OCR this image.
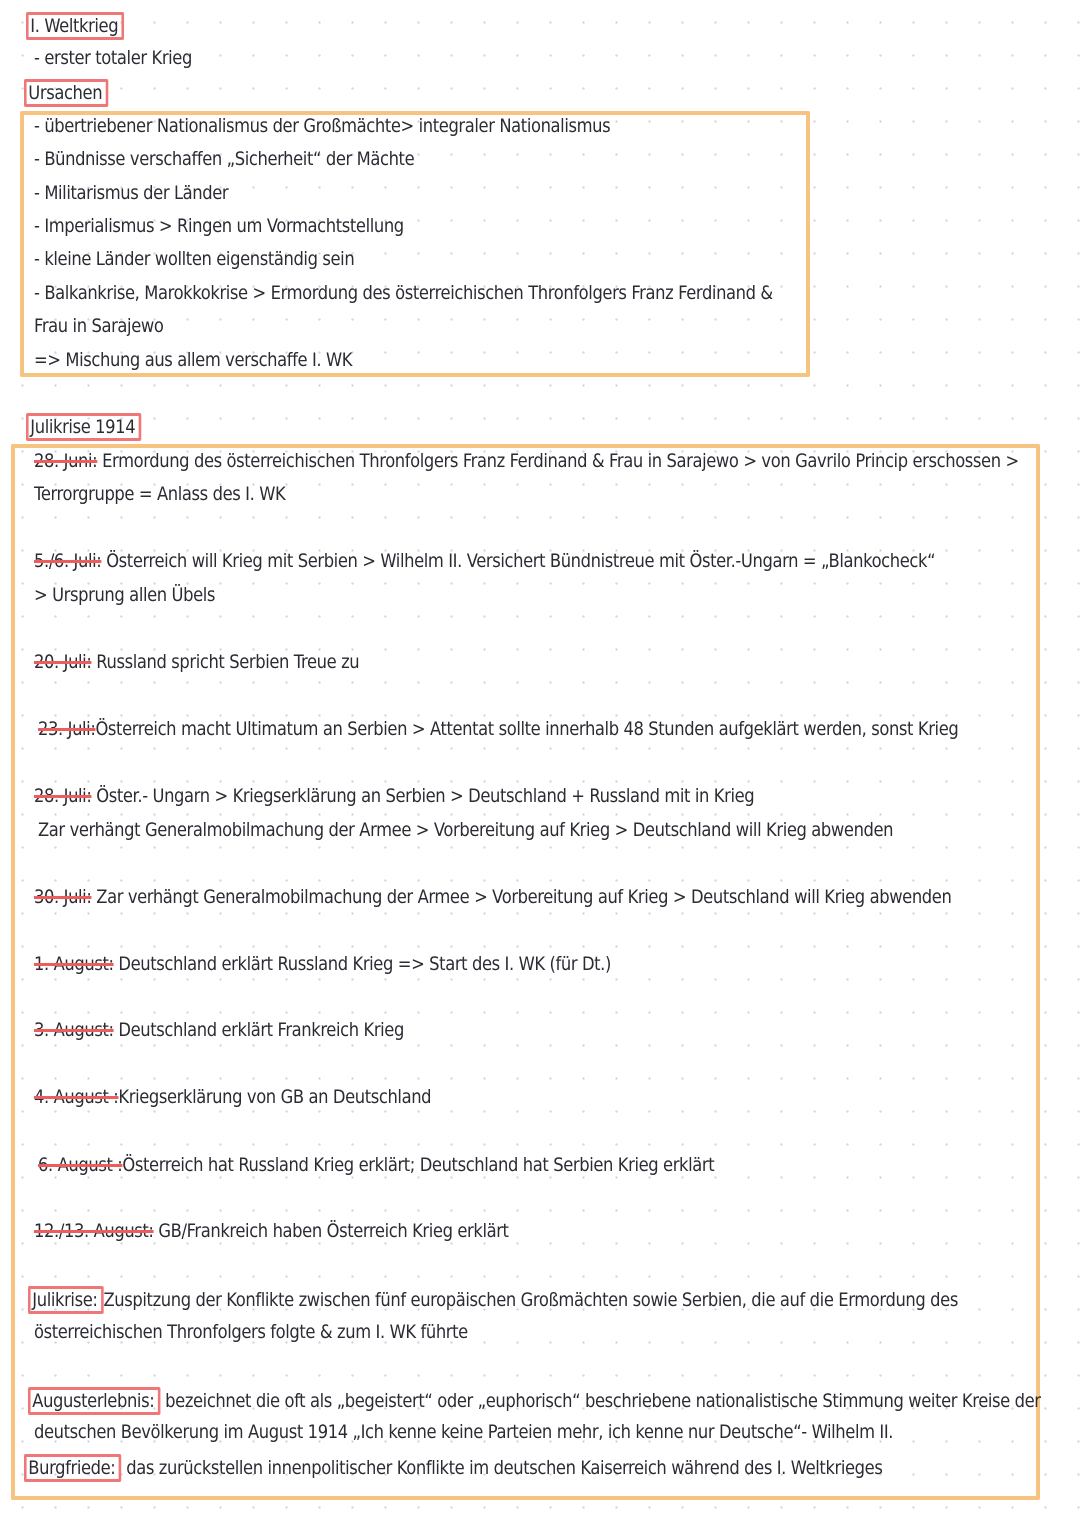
I. Weltkrieg
- erster totaler Krieg
Ursachen
- übertriebener Nationalismus der Großmächte> integraler Nationalismus
- Bündnisse verschaffen „Sicherheit“ der Mächte
- Militarismus der Länder
- Imperialismus > Ringen um Vormachtstellung
- kleine Länder wollten eigenständig sein
- Balkankrise, Marokkokrise > Ermordung des österreichischen Thronfolgers Franz Ferdinand &
Frau in Sarajewo
=> Mischung aus allem verschaffe I. WK
Julikrise 1914
28. Juni: Ermordung des österreichischen Thronfolgers Franz Ferdinand & Frau in Sarajewo > von Gavrilo Princip erschossen >
Terrorgruppe = Anlass des I. WK
5./6. Juli: Österreich will Krieg mit Serbien > Wilhelm II. Versichert Bündnistreue mit Öster.-Ungarn = „Blankocheck“
> Ursprung allen Übels
20. Juli: Russland spricht Serbien Treue zu
23. Juli:Österreich macht Ultimatum an Serbien > Attentat sollte innerhalb 48 Stunden aufgeklärt werden, sonst Krieg
28. Juli: Öster.- Ungarn > Kriegserklärung an Serbien > Deutschland + Russland mit in Krieg
Zar verhängt Generalmobilmachung der Armee > Vorbereitung auf Krieg > Deutschland will Krieg abwenden
30. Juli: Zar verhängt Generalmobilmachung der Armee > Vorbereitung auf Krieg > Deutschland will Krieg abwenden
1. August: Deutschland erklärt Russland Krieg => Start des I. WK (für Dt.)
3. August: Deutschland erklärt Frankreich Krieg
4. August :Kriegserklärung von GB an Deutschland
6. August :Österreich hat Russland Krieg erklärt; Deutschland hat Serbien Krieg erklärt
12./13. August: GB/Frankreich haben Österreich Krieg erklärt
Julikrise: Zuspitzung der Konflikte zwischen fünf europäischen Großmächten sowie Serbien, die auf die Ermordung des
österreichischen Thronfolgers folgte & zum I. WK führte
Augusterlebnis: bezeichnet die oft als „begeistert“ oder „euphorisch“ beschriebene nationalistische Stimmung weiter Kreise der
deutschen Bevölkerung im August 1914 „Ich kenne keine Parteien mehr, ich kenne nur Deutsche“- Wilhelm II.
Burgfriede: das zurückstellen innenpolitischer Konflikte im deutschen Kaiserreich während des I. Weltkrieges
